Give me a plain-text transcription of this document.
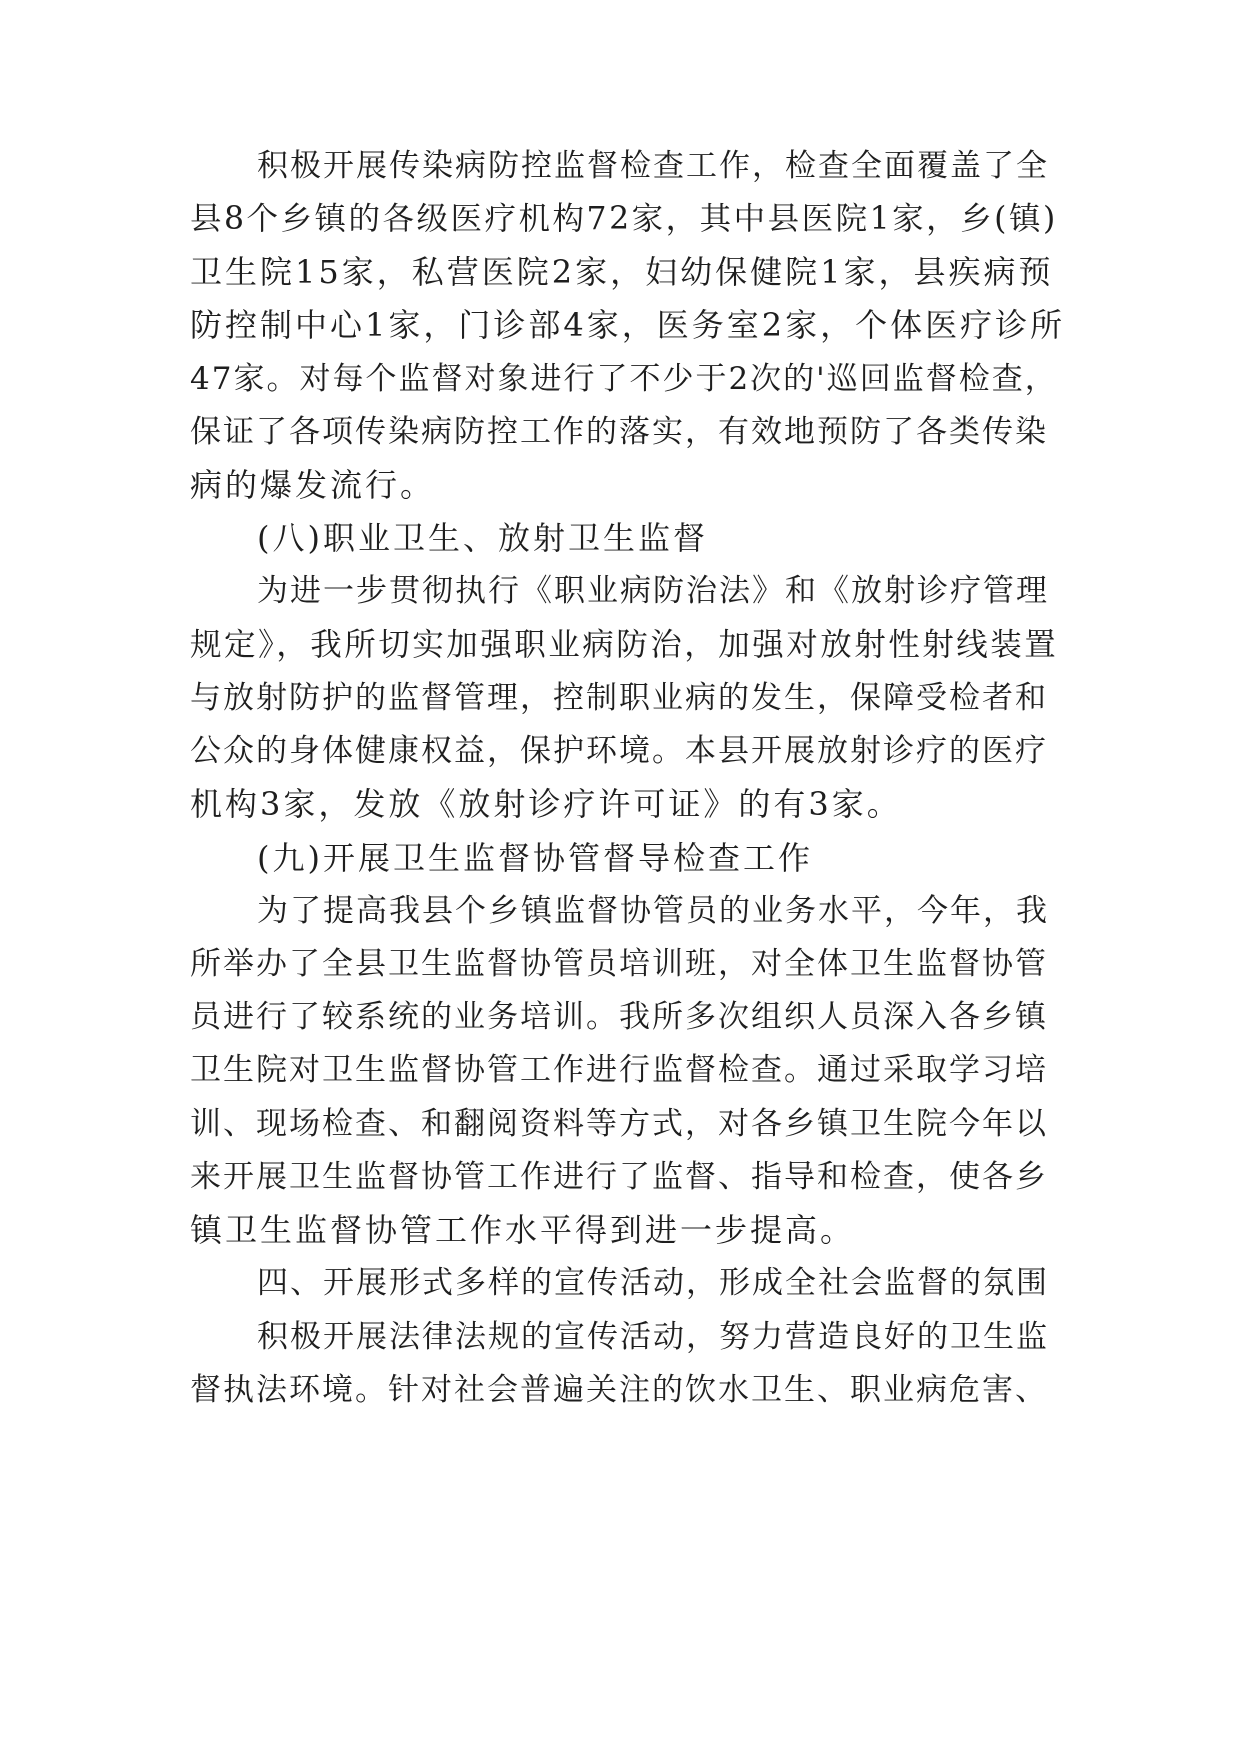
积极开展传染病防控监督检查工作，检查全面覆盖了全
县8个乡镇的各级医疗机构72家，其中县医院1家，乡(镇)
卫生院15家，私营医院2家，妇幼保健院1家，县疾病预
防控制中心1家，门诊部4家，医务室2家，个体医疗诊所
47家。对每个监督对象进行了不少于2次的'巡回监督检查，
保证了各项传染病防控工作的落实，有效地预防了各类传染
病的爆发流行。
(八)职业卫生、放射卫生监督
为进一步贯彻执行《职业病防治法》和《放射诊疗管理
规定》，我所切实加强职业病防治，加强对放射性射线装置
与放射防护的监督管理，控制职业病的发生，保障受检者和
公众的身体健康权益，保护环境。本县开展放射诊疗的医疗
机构3家，发放《放射诊疗许可证》的有3家。
(九)开展卫生监督协管督导检查工作
为了提高我县个乡镇监督协管员的业务水平，今年，我
所举办了全县卫生监督协管员培训班，对全体卫生监督协管
员进行了较系统的业务培训。我所多次组织人员深入各乡镇
卫生院对卫生监督协管工作进行监督检查。通过采取学习培
训、现场检查、和翻阅资料等方式，对各乡镇卫生院今年以
来开展卫生监督协管工作进行了监督、指导和检查，使各乡
镇卫生监督协管工作水平得到进一步提高。
四、开展形式多样的宣传活动，形成全社会监督的氛围
积极开展法律法规的宣传活动，努力营造良好的卫生监
督执法环境。针对社会普遍关注的饮水卫生、职业病危害、
